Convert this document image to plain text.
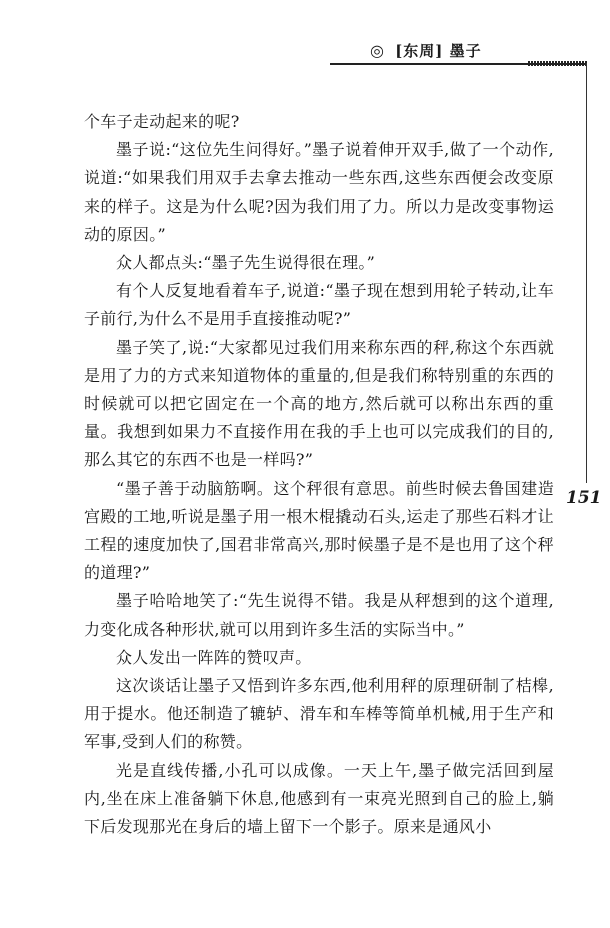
◎ [东周] 墨子
151

个车子走动起来的呢?

墨子说:“这位先生问得好。”墨子说着伸开双手,做了一个动作,说道:“如果我们用双手去拿去推动一些东西,这些东西便会改变原来的样子。这是为什么呢?因为我们用了力。所以力是改变事物运动的原因。”

众人都点头:“墨子先生说得很在理。”

有个人反复地看着车子,说道:“墨子现在想到用轮子转动,让车子前行,为什么不是用手直接推动呢?”

墨子笑了,说:“大家都见过我们用来称东西的秤,称这个东西就是用了力的方式来知道物体的重量的,但是我们称特别重的东西的时候就可以把它固定在一个高的地方,然后就可以称出东西的重量。我想到如果力不直接作用在我的手上也可以完成我们的目的,那么其它的东西不也是一样吗?”

“墨子善于动脑筋啊。这个秤很有意思。前些时候去鲁国建造宫殿的工地,听说是墨子用一根木棍撬动石头,运走了那些石料才让工程的速度加快了,国君非常高兴,那时候墨子是不是也用了这个秤的道理?”

墨子哈哈地笑了:“先生说得不错。我是从秤想到的这个道理,力变化成各种形状,就可以用到许多生活的实际当中。”

众人发出一阵阵的赞叹声。

这次谈话让墨子又悟到许多东西,他利用秤的原理研制了桔槔,用于提水。他还制造了辘轳、滑车和车棒等简单机械,用于生产和军事,受到人们的称赞。

光是直线传播,小孔可以成像。一天上午,墨子做完活回到屋内,坐在床上准备躺下休息,他感到有一束亮光照到自己的脸上,躺下后发现那光在身后的墙上留下一个影子。原来是通风小
